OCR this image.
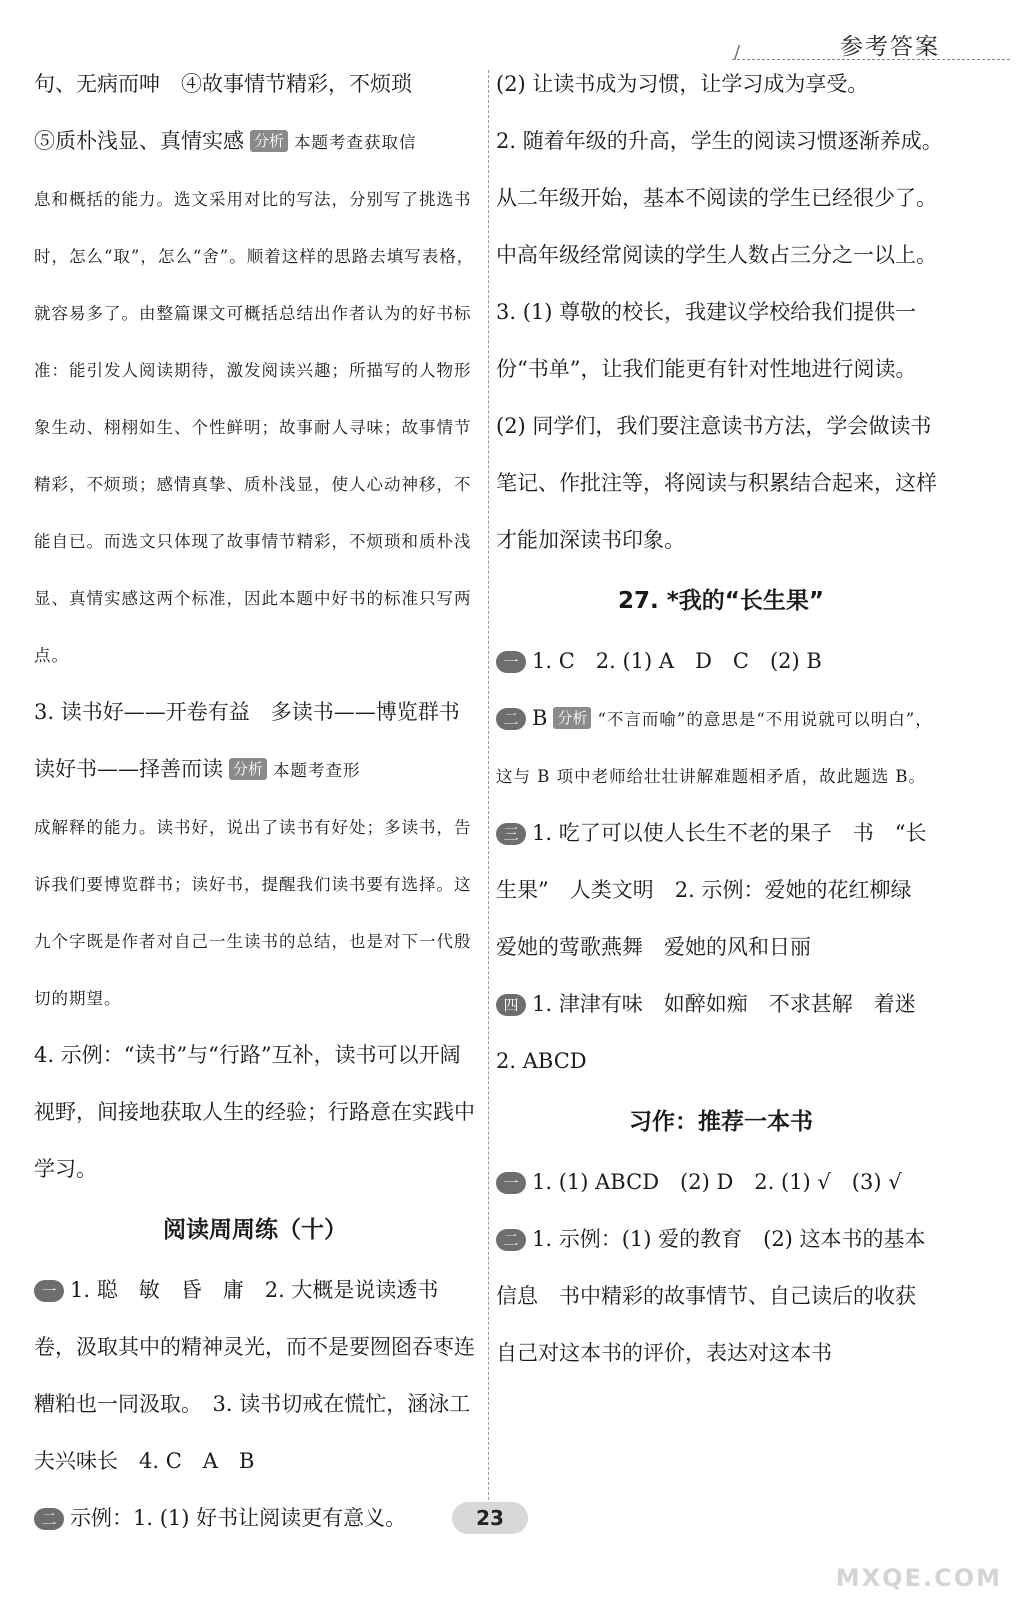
/	参考答案

句、无病而呻　④故事情节精彩，不烦琐

⑤质朴浅显、真情实感 分析 本题考查获取信

息和概括的能力。选文采用对比的写法，分别写了挑选书时，怎么“取”，怎么“舍”。顺着这样的思路去填写表格，就容易多了。由整篇课文可概括总结出作者认为的好书标准：能引发人阅读期待，激发阅读兴趣；所描写的人物形象生动、栩栩如生、个性鲜明；故事耐人寻味；故事情节精彩，不烦琐；感情真挚、质朴浅显，使人心动神移，不能自已。而选文只体现了故事情节精彩，不烦琐和质朴浅显、真情实感这两个标准，因此本题中好书的标准只写两点。

3. 读书好——开卷有益　多读书——博览群书　读好书——择善而读 分析 本题考查形

成解释的能力。读书好，说出了读书有好处；多读书，告诉我们要博览群书；读好书，提醒我们读书要有选择。这九个字既是作者对自己一生读书的总结，也是对下一代殷切的期望。

4. 示例：“读书”与“行路”互补，读书可以开阔视野，间接地获取人生的经验；行路意在实践中学习。

阅读周周练（十）

一 1. 聪　敏　昏　庸　2. 大概是说读透书卷，汲取其中的精神灵光，而不是要囫囵吞枣连糟粕也一同汲取。　3. 读书切戒在慌忙，涵泳工夫兴味长　4. C　A　B

二 示例：1. (1) 好书让阅读更有意义。

(2) 让读书成为习惯，让学习成为享受。

2. 随着年级的升高，学生的阅读习惯逐渐养成。从二年级开始，基本不阅读的学生已经很少了。中高年级经常阅读的学生人数占三分之一以上。　3. (1) 尊敬的校长，我建议学校给我们提供一份“书单”，让我们能更有针对性地进行阅读。　(2) 同学们，我们要注意读书方法，学会做读书笔记、作批注等，将阅读与积累结合起来，这样才能加深读书印象。

27. *我的“长生果”

一 1. C　2. (1) A　D　C　(2) B

二 B 分析 “不言而喻”的意思是“不用说就可以明白”，这与 B 项中老师给壮壮讲解难题相矛盾，故此题选 B。

三 1. 吃了可以使人长生不老的果子　书　“长生果”　人类文明　2. 示例：爱她的花红柳绿　爱她的莺歌燕舞　爱她的风和日丽

四 1. 津津有味　如醉如痴　不求甚解　着迷

2. ABCD

习作：推荐一本书

一 1. (1) ABCD　(2) D　2. (1) √　(3) √

二 1. 示例：(1) 爱的教育　(2) 这本书的基本信息　书中精彩的故事情节、自己读后的收获　自己对这本书的评价，表达对这本书

23
MXQE.COM
